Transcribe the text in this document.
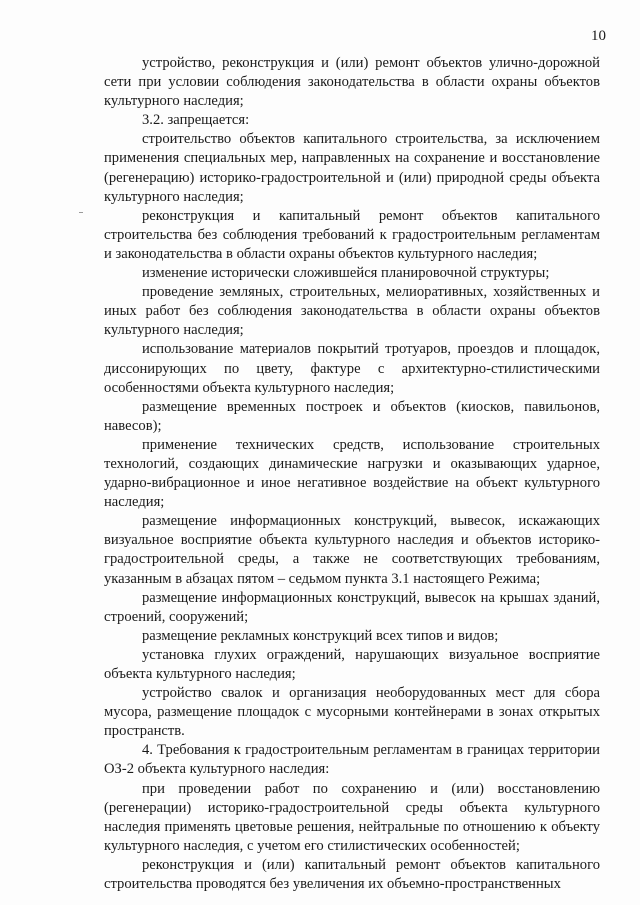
10

устройство, реконструкция и (или) ремонт объектов улично-дорожной сети при условии соблюдения законодательства в области охраны объектов культурного наследия;

3.2. запрещается:

строительство объектов капитального строительства, за исключением применения специальных мер, направленных на сохранение и восстановление (регенерацию) историко-градостроительной и (или) природной среды объекта культурного наследия;

реконструкция и капитальный ремонт объектов капитального строительства без соблюдения требований к градостроительным регламентам и законодательства в области охраны объектов культурного наследия;

изменение исторически сложившейся планировочной структуры;

проведение земляных, строительных, мелиоративных, хозяйственных и иных работ без соблюдения законодательства в области охраны объектов культурного наследия;

использование материалов покрытий тротуаров, проездов и площадок, диссонирующих по цвету, фактуре с архитектурно-стилистическими особенностями объекта культурного наследия;

размещение временных построек и объектов (киосков, павильонов, навесов);

применение технических средств, использование строительных технологий, создающих динамические нагрузки и оказывающих ударное, ударно-вибрационное и иное негативное воздействие на объект культурного наследия;

размещение информационных конструкций, вывесок, искажающих визуальное восприятие объекта культурного наследия и объектов историко-градостроительной среды, а также не соответствующих требованиям, указанным в абзацах пятом – седьмом пункта 3.1 настоящего Режима;

размещение информационных конструкций, вывесок на крышах зданий, строений, сооружений;

размещение рекламных конструкций всех типов и видов;

установка глухих ограждений, нарушающих визуальное восприятие объекта культурного наследия;

устройство свалок и организация необорудованных мест для сбора мусора, размещение площадок с мусорными контейнерами в зонах открытых пространств.

4. Требования к градостроительным регламентам в границах территории ОЗ-2 объекта культурного наследия:

при проведении работ по сохранению и (или) восстановлению (регенерации) историко-градостроительной среды объекта культурного наследия применять цветовые решения, нейтральные по отношению к объекту культурного наследия, с учетом его стилистических особенностей;

реконструкция и (или) капитальный ремонт объектов капитального строительства проводятся без увеличения их объемно-пространственных
